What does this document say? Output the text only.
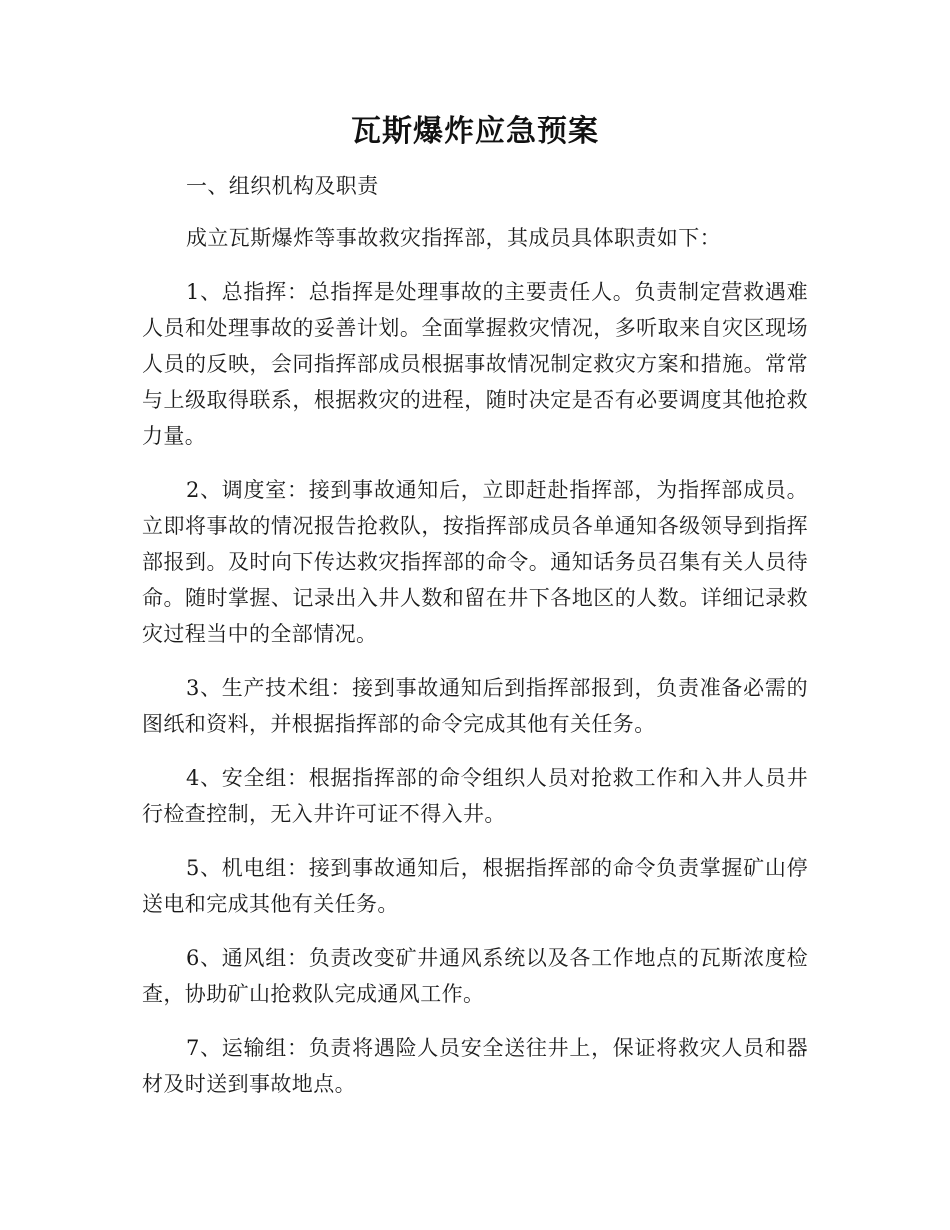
瓦斯爆炸应急预案

一、组织机构及职责

成立瓦斯爆炸等事故救灾指挥部，其成员具体职责如下：

1、总指挥：总指挥是处理事故的主要责任人。负责制定营救遇难人员和处理事故的妥善计划。全面掌握救灾情况，多听取来自灾区现场人员的反映，会同指挥部成员根据事故情况制定救灾方案和措施。常常与上级取得联系，根据救灾的进程，随时决定是否有必要调度其他抢救力量。

2、调度室：接到事故通知后，立即赶赴指挥部，为指挥部成员。立即将事故的情况报告抢救队，按指挥部成员各单通知各级领导到指挥部报到。及时向下传达救灾指挥部的命令。通知话务员召集有关人员待命。随时掌握、记录出入井人数和留在井下各地区的人数。详细记录救灾过程当中的全部情况。

3、生产技术组：接到事故通知后到指挥部报到，负责准备必需的图纸和资料，并根据指挥部的命令完成其他有关任务。

4、安全组：根据指挥部的命令组织人员对抢救工作和入井人员井行检查控制，无入井许可证不得入井。

5、机电组：接到事故通知后，根据指挥部的命令负责掌握矿山停送电和完成其他有关任务。

6、通风组：负责改变矿井通风系统以及各工作地点的瓦斯浓度检查，协助矿山抢救队完成通风工作。

7、运输组：负责将遇险人员安全送往井上，保证将救灾人员和器材及时送到事故地点。
